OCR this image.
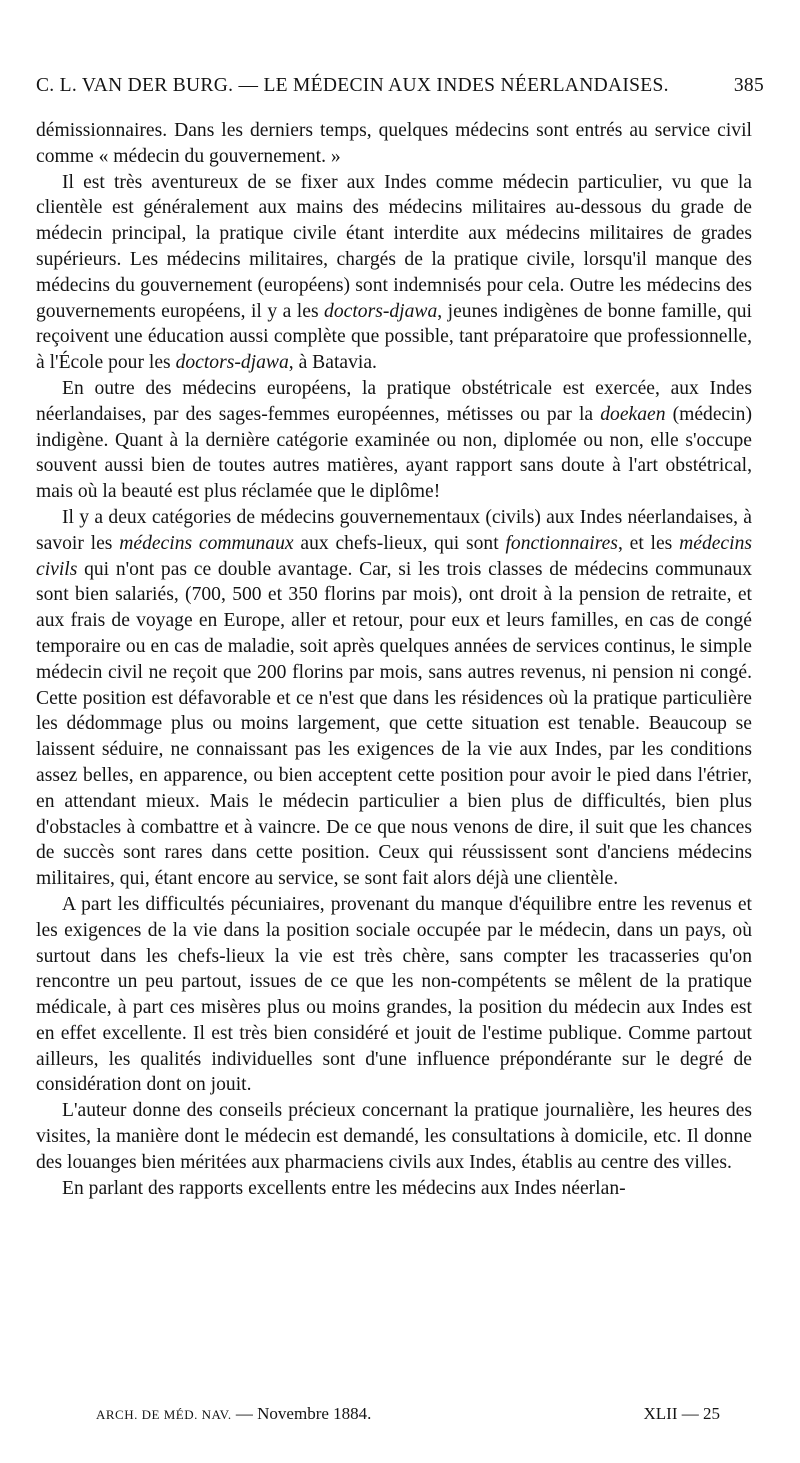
C. L. VAN DER BURG. — LE MÉDECIN AUX INDES NÉERLANDAISES.	385

démissionnaires. Dans les derniers temps, quelques médecins sont entrés au service civil comme « médecin du gouvernement. »

Il est très aventureux de se fixer aux Indes comme médecin particulier, vu que la clientèle est généralement aux mains des médecins militaires au-dessous du grade de médecin principal, la pratique civile étant interdite aux médecins militaires de grades supérieurs. Les médecins militaires, chargés de la pratique civile, lorsqu'il manque des médecins du gouvernement (européens) sont indemnisés pour cela. Outre les médecins des gouvernements européens, il y a les doctors-djawa, jeunes indigènes de bonne famille, qui reçoivent une éducation aussi complète que possible, tant préparatoire que professionnelle, à l'École pour les doctors-djawa, à Batavia.

En outre des médecins européens, la pratique obstétricale est exercée, aux Indes néerlandaises, par des sages-femmes européennes, métisses ou par la doekaen (médecin) indigène. Quant à la dernière catégorie examinée ou non, diplomée ou non, elle s'occupe souvent aussi bien de toutes autres matières, ayant rapport sans doute à l'art obstétrical, mais où la beauté est plus réclamée que le diplôme!

Il y a deux catégories de médecins gouvernementaux (civils) aux Indes néerlandaises, à savoir les médecins communaux aux chefs-lieux, qui sont fonctionnaires, et les médecins civils qui n'ont pas ce double avantage. Car, si les trois classes de médecins communaux sont bien salariés, (700, 500 et 350 florins par mois), ont droit à la pension de retraite, et aux frais de voyage en Europe, aller et retour, pour eux et leurs familles, en cas de congé temporaire ou en cas de maladie, soit après quelques années de services continus, le simple médecin civil ne reçoit que 200 florins par mois, sans autres revenus, ni pension ni congé. Cette position est défavorable et ce n'est que dans les résidences où la pratique particulière les dédommage plus ou moins largement, que cette situation est tenable. Beaucoup se laissent séduire, ne connaissant pas les exigences de la vie aux Indes, par les conditions assez belles, en apparence, ou bien acceptent cette position pour avoir le pied dans l'étrier, en attendant mieux. Mais le médecin particulier a bien plus de difficultés, bien plus d'obstacles à combattre et à vaincre. De ce que nous venons de dire, il suit que les chances de succès sont rares dans cette position. Ceux qui réussissent sont d'anciens médecins militaires, qui, étant encore au service, se sont fait alors déjà une clientèle.

A part les difficultés pécuniaires, provenant du manque d'équilibre entre les revenus et les exigences de la vie dans la position sociale occupée par le médecin, dans un pays, où surtout dans les chefs-lieux la vie est très chère, sans compter les tracasseries qu'on rencontre un peu partout, issues de ce que les non-compétents se mêlent de la pratique médicale, à part ces misères plus ou moins grandes, la position du médecin aux Indes est en effet excellente. Il est très bien considéré et jouit de l'estime publique. Comme partout ailleurs, les qualités individuelles sont d'une influence prépondérante sur le degré de considération dont on jouit.

L'auteur donne des conseils précieux concernant la pratique journalière, les heures des visites, la manière dont le médecin est demandé, les consultations à domicile, etc. Il donne des louanges bien méritées aux pharmaciens civils aux Indes, établis au centre des villes.

En parlant des rapports excellents entre les médecins aux Indes néerlan-

ARCH. DE MÉD. NAV. — Novembre 1884.	XLII — 25
